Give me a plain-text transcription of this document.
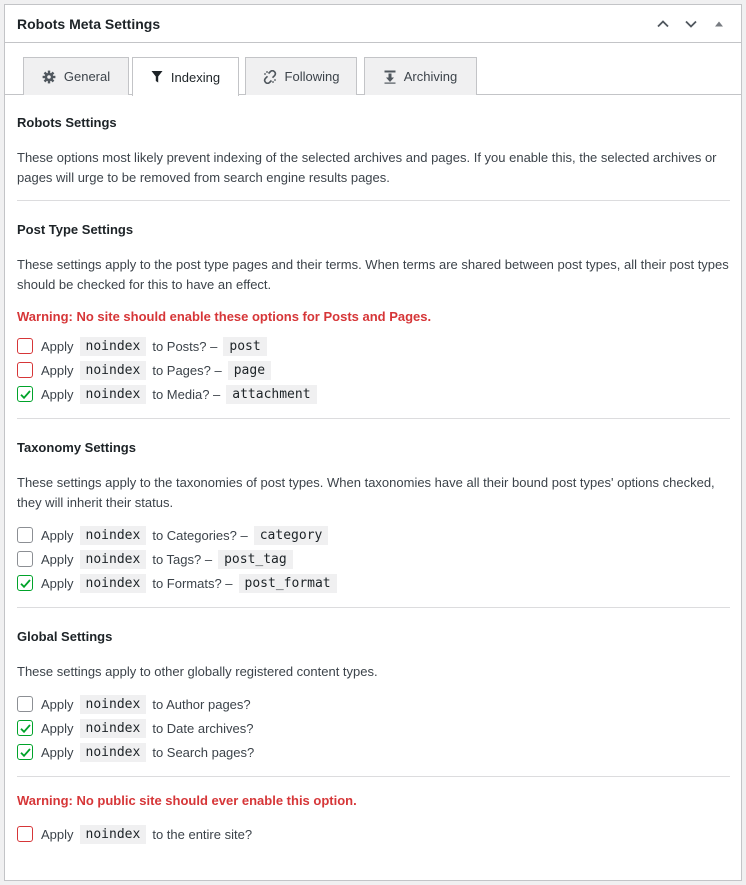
Robots Meta Settings
General	Indexing	Following	Archiving
Robots Settings

These options most likely prevent indexing of the selected archives and pages. If you enable this, the selected archives or pages will urge to be removed from search engine results pages.

Post Type Settings

These settings apply to the post type pages and their terms. When terms are shared between post types, all their post types should be checked for this to have an effect.

Warning: No site should enable these options for Posts and Pages.

Apply noindex to Posts? – post
Apply noindex to Pages? – page
Apply noindex to Media? – attachment
Taxonomy Settings

These settings apply to the taxonomies of post types. When taxonomies have all their bound post types' options checked, they will inherit their status.

Apply noindex to Categories? – category
Apply noindex to Tags? – post_tag
Apply noindex to Formats? – post_format
Global Settings

These settings apply to other globally registered content types.

Apply noindex to Author pages?
Apply noindex to Date archives?
Apply noindex to Search pages?

Warning: No public site should ever enable this option.

Apply noindex to the entire site?
